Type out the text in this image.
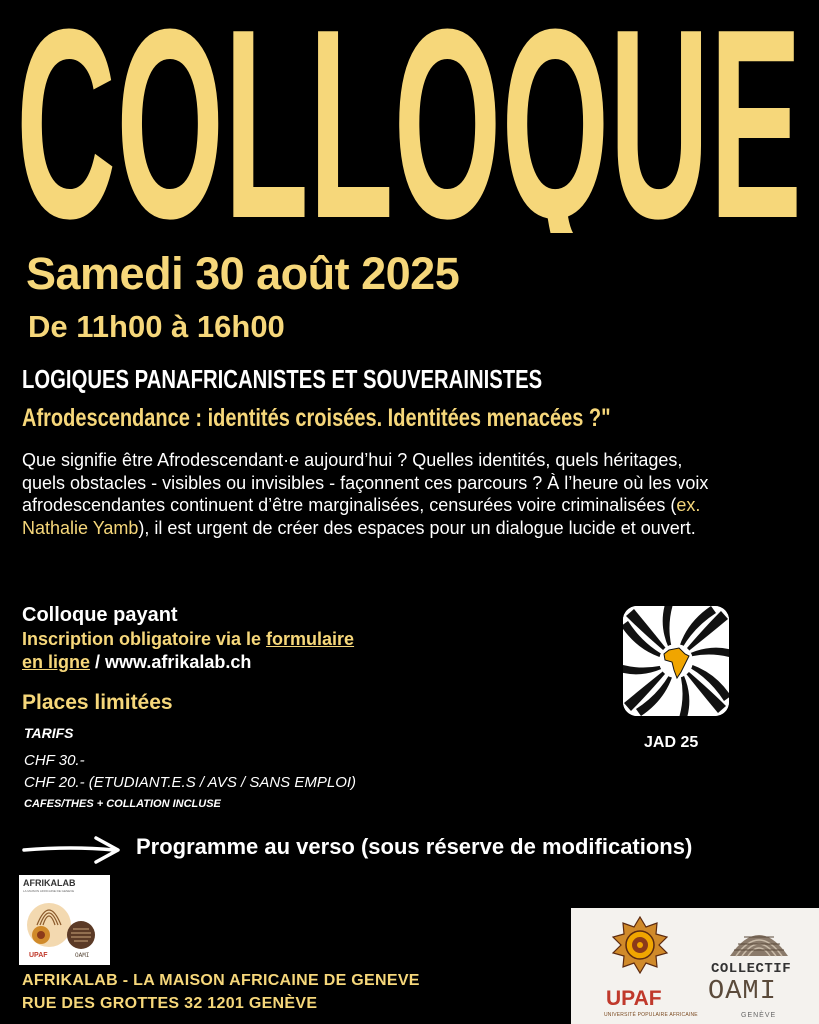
COLLOQUE
Samedi 30 août 2025
De 11h00 à 16h00
LOGIQUES PANAFRICANISTES ET SOUVERAINISTES
Afrodescendance : identités croisées. Identitées menacées ?"
Que signifie être Afrodescendant·e aujourd’hui ? Quelles identités, quels héritages, quels obstacles - visibles ou invisibles - façonnent ces parcours ? À l’heure où les voix afrodescendantes continuent d’être marginalisées, censurées voire criminalisées (ex. Nathalie Yamb), il est urgent de créer des espaces pour un dialogue lucide et ouvert.
Colloque payant
Inscription obligatoire via le formulaire
en ligne / www.afrikalab.ch
Places limitées
TARIFS
CHF 30.-
CHF 20.- (ETUDIANT.E.S / AVS / SANS EMPLOI)
CAFES/THES + COLLATION INCLUSE
Programme au verso (sous réserve de modifications)
JAD 25
AFRIKALAB
LA MAISON AFRICAINE DE GENEVE
UPAF	OAMI
AFRIKALAB - LA MAISON AFRICAINE DE GENEVE
RUE DES GROTTES 32 1201 GENÈVE	UPAF
UNIVERSITÉ POPULAIRE AFRICAINE
COLLECTIF
OAMI
GENÈVE
